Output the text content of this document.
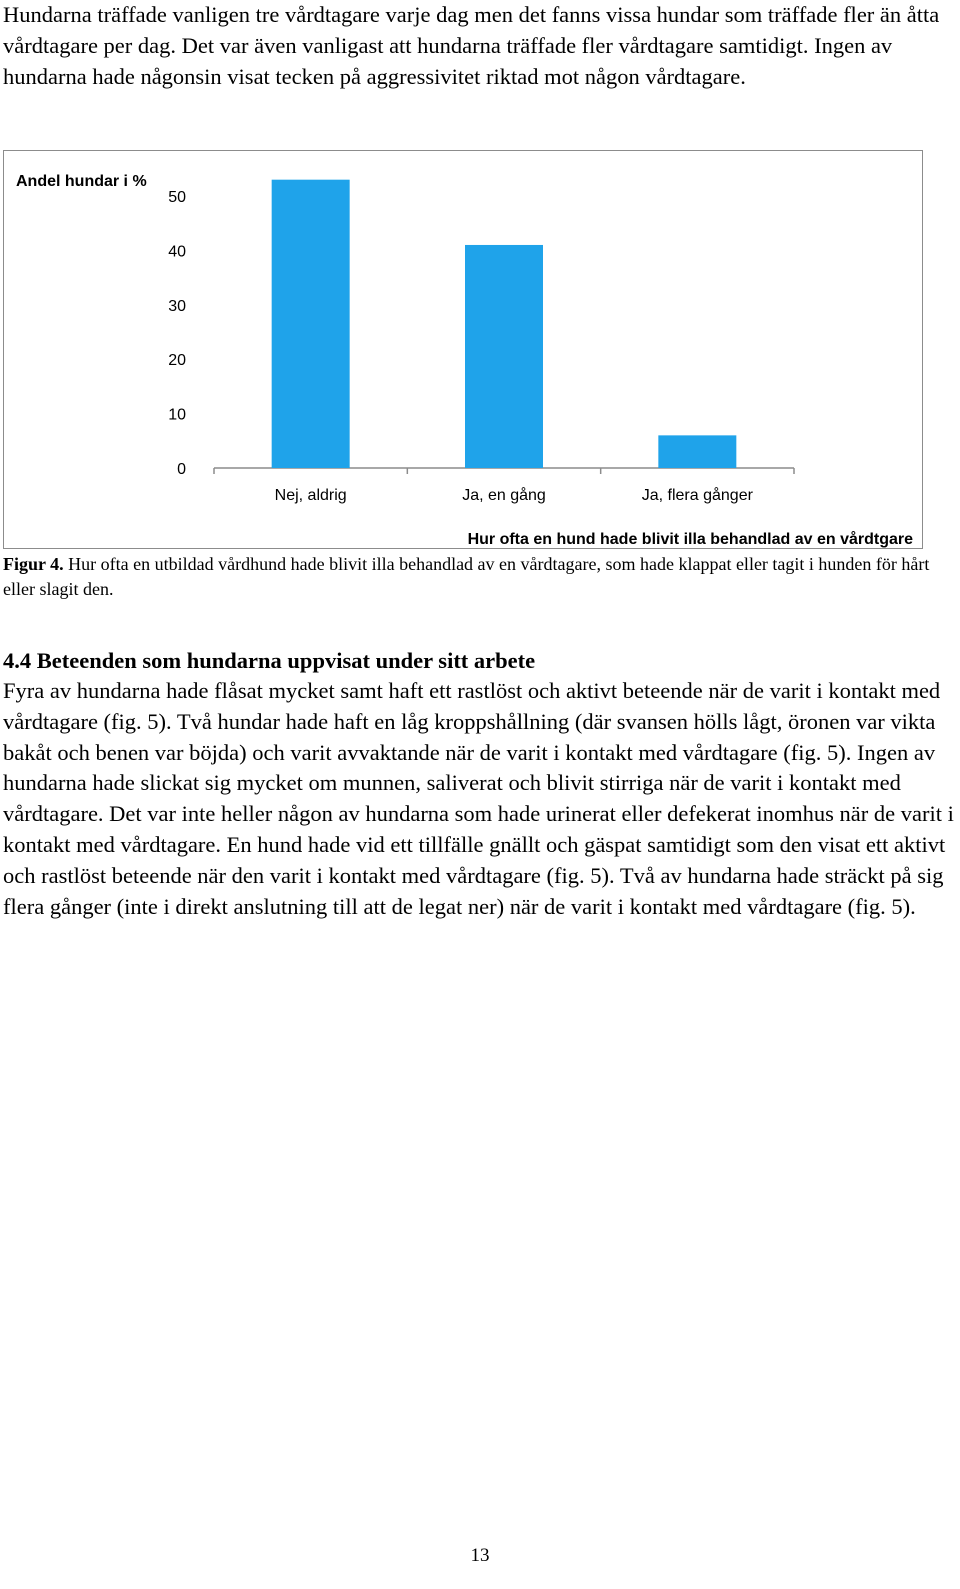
Hundarna träffade vanligen tre vårdtagare varje dag men det fanns vissa hundar som träffade fler än åtta vårdtagare per dag. Det var även vanligast att hundarna träffade fler vårdtagare samtidigt. Ingen av hundarna hade någonsin visat tecken på aggressivitet riktad mot någon vårdtagare.

Andel hundar i %
0
10
20
30
40
50
Nej, aldrig	Ja, en gång	Ja, flera gånger
Hur ofta en hund hade blivit illa behandlad av en vårdtgare

Figur 4. Hur ofta en utbildad vårdhund hade blivit illa behandlad av en vårdtagare, som hade klappat eller tagit i hunden för hårt eller slagit den.

4.4 Beteenden som hundarna uppvisat under sitt arbete

Fyra av hundarna hade flåsat mycket samt haft ett rastlöst och aktivt beteende när de varit i kontakt med vårdtagare (fig. 5). Två hundar hade haft en låg kroppshållning (där svansen hölls lågt, öronen var vikta bakåt och benen var böjda) och varit avvaktande när de varit i kontakt med vårdtagare (fig. 5). Ingen av hundarna hade slickat sig mycket om munnen, saliverat och blivit stirriga när de varit i kontakt med vårdtagare. Det var inte heller någon av hundarna som hade urinerat eller defekerat inomhus när de varit i kontakt med vårdtagare. En hund hade vid ett tillfälle gnällt och gäspat samtidigt som den visat ett aktivt och rastlöst beteende när den varit i kontakt med vårdtagare (fig. 5). Två av hundarna hade sträckt på sig flera gånger (inte i direkt anslutning till att de legat ner) när de varit i kontakt med vårdtagare (fig. 5).

13
